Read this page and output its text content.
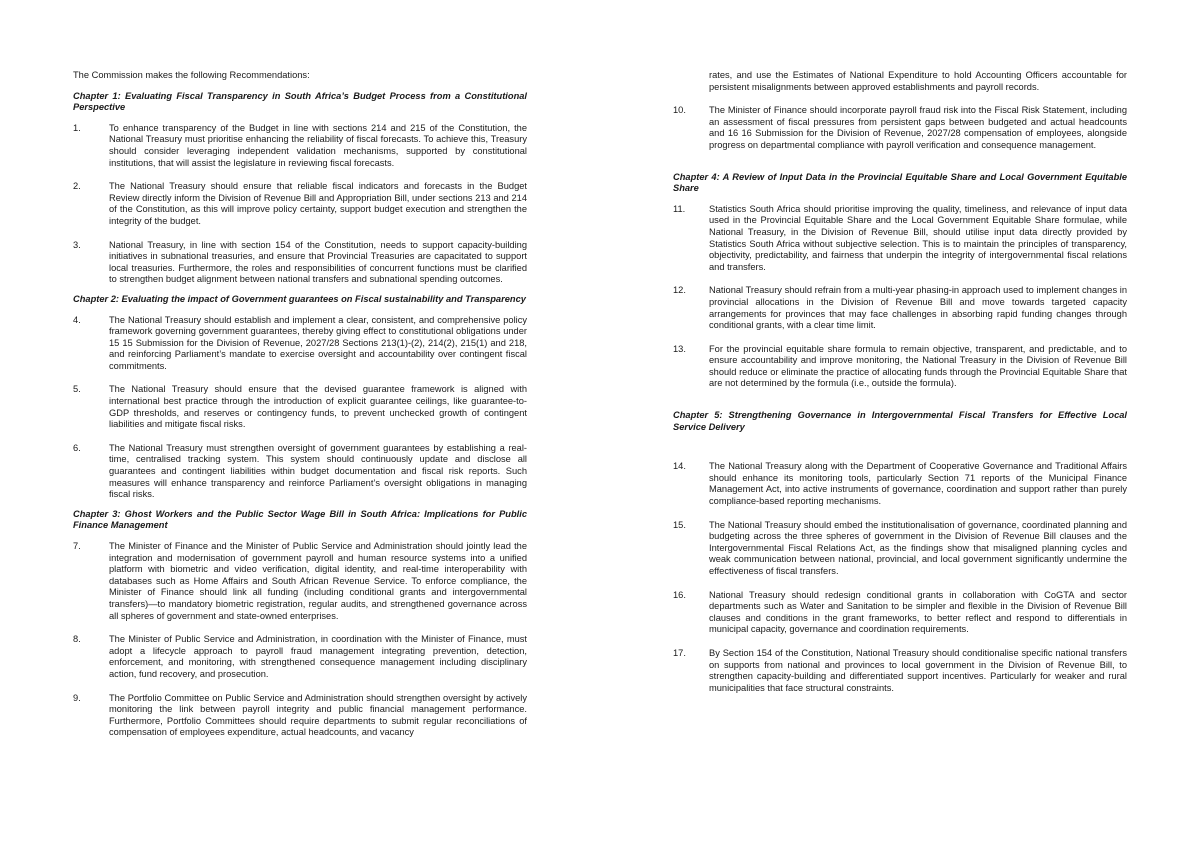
The Commission makes the following Recommendations:

Chapter 1: Evaluating Fiscal Transparency in South Africa’s Budget Process from a Constitutional Perspective

1.	To enhance transparency of the Budget in line with sections 214 and 215 of the Constitution, the National Treasury must prioritise enhancing the reliability of fiscal forecasts. To achieve this, Treasury should consider leveraging independent validation mechanisms, supported by constitutional institutions, that will assist the legislature in reviewing fiscal forecasts.
2.	The National Treasury should ensure that reliable fiscal indicators and forecasts in the Budget Review directly inform the Division of Revenue Bill and Appropriation Bill, under sections 213 and 214 of the Constitution, as this will improve policy certainty, support budget execution and strengthen the integrity of the budget.
3.	National Treasury, in line with section 154 of the Constitution, needs to support capacity-building initiatives in subnational treasuries, and ensure that Provincial Treasuries are capacitated to support local treasuries. Furthermore, the roles and responsibilities of concurrent functions must be clarified to strengthen budget alignment between national transfers and subnational spending outcomes.

Chapter 2: Evaluating the impact of Government guarantees on Fiscal sustainability and Transparency

4.	The National Treasury should establish and implement a clear, consistent, and comprehensive policy framework governing government guarantees, thereby giving effect to constitutional obligations under 15 15 Submission for the Division of Revenue, 2027/28 Sections 213(1)-(2), 214(2), 215(1) and 218, and reinforcing Parliament’s mandate to exercise oversight and accountability over contingent fiscal commitments.
5.	The National Treasury should ensure that the devised guarantee framework is aligned with international best practice through the introduction of explicit guarantee ceilings, like guarantee-to-GDP thresholds, and reserves or contingency funds, to prevent unchecked growth of contingent liabilities and mitigate fiscal risks.
6.	The National Treasury must strengthen oversight of government guarantees by establishing a real-time, centralised tracking system. This system should continuously update and disclose all guarantees and contingent liabilities within budget documentation and fiscal risk reports. Such measures will enhance transparency and reinforce Parliament’s oversight obligations in managing fiscal risks.

Chapter 3: Ghost Workers and the Public Sector Wage Bill in South Africa: Implications for Public Finance Management

7.	The Minister of Finance and the Minister of Public Service and Administration should jointly lead the integration and modernisation of government payroll and human resource systems into a unified platform with biometric and video verification, digital identity, and real-time interoperability with databases such as Home Affairs and South African Revenue Service. To enforce compliance, the Minister of Finance should link all funding (including conditional grants and intergovernmental transfers)—to mandatory biometric registration, regular audits, and strengthened governance across all spheres of government and state-owned enterprises.
8.	The Minister of Public Service and Administration, in coordination with the Minister of Finance, must adopt a lifecycle approach to payroll fraud management integrating prevention, detection, enforcement, and monitoring, with strengthened consequence management including disciplinary action, fund recovery, and prosecution.
9.	The Portfolio Committee on Public Service and Administration should strengthen oversight by actively monitoring the link between payroll integrity and public financial management performance. Furthermore, Portfolio Committees should require departments to submit regular reconciliations of compensation of employees expenditure, actual headcounts, and vacancy

rates, and use the Estimates of National Expenditure to hold Accounting Officers accountable for persistent misalignments between approved establishments and payroll records.

10.	The Minister of Finance should incorporate payroll fraud risk into the Fiscal Risk Statement, including an assessment of fiscal pressures from persistent gaps between budgeted and actual headcounts and 16 16 Submission for the Division of Revenue, 2027/28 compensation of employees, alongside progress on departmental compliance with payroll verification and consequence management.

Chapter 4: A Review of Input Data in the Provincial Equitable Share and Local Government Equitable Share

11.	Statistics South Africa should prioritise improving the quality, timeliness, and relevance of input data used in the Provincial Equitable Share and the Local Government Equitable Share formulae, while National Treasury, in the Division of Revenue Bill, should utilise input data directly provided by Statistics South Africa without subjective selection. This is to maintain the principles of transparency, objectivity, predictability, and fairness that underpin the integrity of intergovernmental fiscal relations and transfers.
12.	National Treasury should refrain from a multi-year phasing-in approach used to implement changes in provincial allocations in the Division of Revenue Bill and move towards targeted capacity arrangements for provinces that may face challenges in absorbing rapid funding changes through conditional grants, with a clear time limit.
13.	For the provincial equitable share formula to remain objective, transparent, and predictable, and to ensure accountability and improve monitoring, the National Treasury in the Division of Revenue Bill should reduce or eliminate the practice of allocating funds through the Provincial Equitable Share that are not determined by the formula (i.e., outside the formula).

Chapter 5: Strengthening Governance in Intergovernmental Fiscal Transfers for Effective Local Service Delivery

14.	The National Treasury along with the Department of Cooperative Governance and Traditional Affairs should enhance its monitoring tools, particularly Section 71 reports of the Municipal Finance Management Act, into active instruments of governance, coordination and support rather than purely compliance-based reporting mechanisms.
15.	The National Treasury should embed the institutionalisation of governance, coordinated planning and budgeting across the three spheres of government in the Division of Revenue Bill clauses and the Intergovernmental Fiscal Relations Act, as the findings show that misaligned planning cycles and weak communication between national, provincial, and local government significantly undermine the effectiveness of fiscal transfers.
16.	National Treasury should redesign conditional grants in collaboration with CoGTA and sector departments such as Water and Sanitation to be simpler and flexible in the Division of Revenue Bill clauses and conditions in the grant frameworks, to better reflect and respond to differentials in municipal capacity, governance and coordination requirements.
17.	By Section 154 of the Constitution, National Treasury should conditionalise specific national transfers on supports from national and provinces to local government in the Division of Revenue Bill, to strengthen capacity-building and differentiated support incentives. Particularly for weaker and rural municipalities that face structural constraints.
